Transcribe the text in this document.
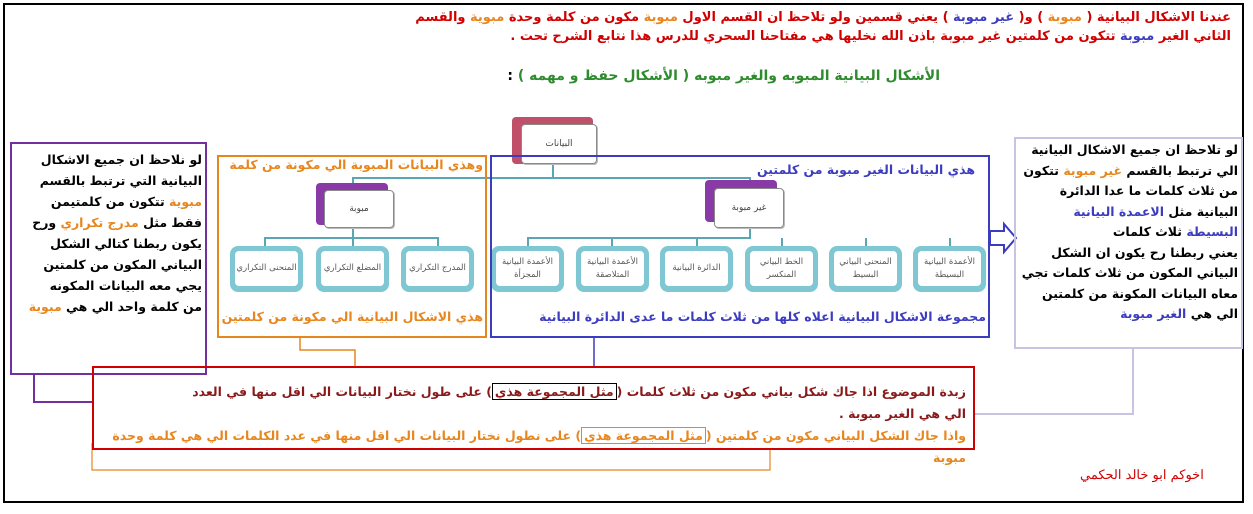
عندنا الاشكال البيانية ( مبوبة ) و( غير مبوبة ) يعني قسمين ولو تلاحظ ان القسم الاول مبوبة مكون من كلمة وحدة مبوية والقسم
الثاني الغير مبوبة تتكون من كلمتين غير مبوبة باذن الله نخليها هي مفتاحنا السحري للدرس هذا نتابع الشرح تحت .
الأشكال البيانية المبوبه والغير مبوبه ( الأشكال حفظ و مهمه ) :
البيانات
مبوبة	غير مبوبة
المدرج التكراري
المضلع التكراري
المنحنى التكراري
الأعمدة البيانية البسيطة
المنحنى البياني البسيط
الخط البياني المنكسر
الدائرة البيانية
الأعمدة البيانية المتلاصقة
الأعمدة البيانية المجزأة
وهذي البيانات المبوبة الي مكونة من كلمة
هذي الاشكال البيانية الي مكونة من كلمتين
هذي البيانات الغير مبوبة من كلمتين
مجموعة الاشكال البيانية اعلاه كلها من ثلاث كلمات ما عدى الدائرة البيانية
لو نلاحظ ان جميع الاشكال
البيانية التي ترتبط بالقسم
مبوية تتكون من كلمتيمن
فقط مثل مدرج تكراري ورح
يكون ربطنا كتالي الشكل
البياني المكون من كلمتين
يجي معه البيانات المكونه
من كلمة واحد الي هي مبوبة
لو تلاحظ ان جميع الاشكال البيانية
الي ترتبط بالقسم غير مبوبة تتكون
من ثلاث كلمات ما عدا الدائرة
البيانية مثل الاعمدة البيانية
البسيطة ثلاث كلمات
يعني ربطنا رح يكون ان الشكل
البياني المكون من ثلاث كلمات تجي
معاه البيانات المكونة من كلمتين
الي هي الغير مبوبة
زبدة الموضوع اذا جاك شكل بياني مكون من ثلاث كلمات (مثل المجموعة هذي) على طول نختار البيانات الي اقل منها في العدد
الي هي الغير مبوبة .
واذا جاك الشكل البياني مكون من كلمتين (مثل المجموعة هذي) على نطول نختار البيانات الي اقل منها في عدد الكلمات الي هي كلمة وحدة مبوبة
اخوكم ابو خالد الحكمي
